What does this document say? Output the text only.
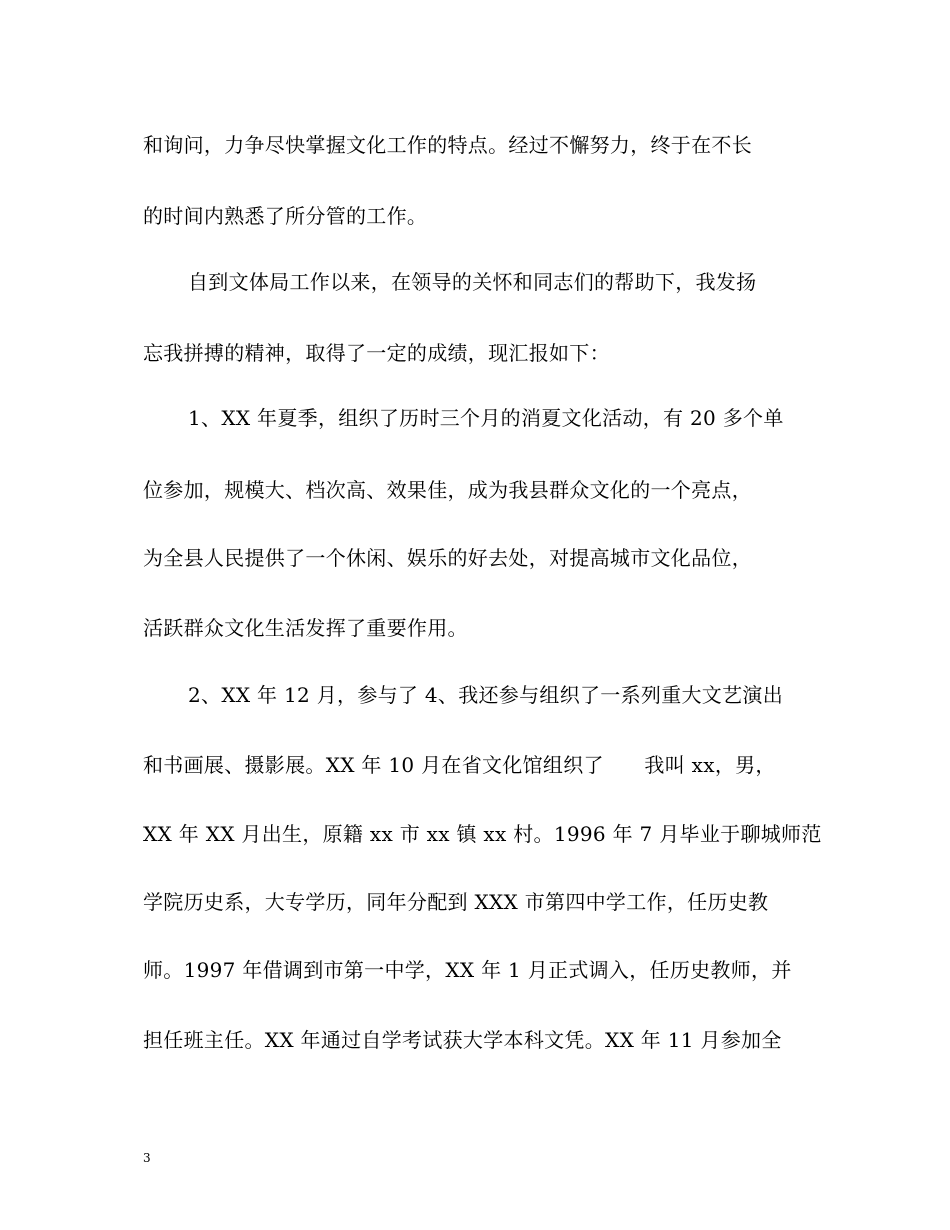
和询问，力争尽快掌握文化工作的特点。经过不懈努力，终于在不长
的时间内熟悉了所分管的工作。
自到文体局工作以来，在领导的关怀和同志们的帮助下，我发扬
忘我拼搏的精神，取得了一定的成绩，现汇报如下：
1、XX 年夏季，组织了历时三个月的消夏文化活动，有 20 多个单
位参加，规模大、档次高、效果佳，成为我县群众文化的一个亮点，
为全县人民提供了一个休闲、娱乐的好去处，对提高城市文化品位，
活跃群众文化生活发挥了重要作用。
2、XX 年 12 月，参与了 4、我还参与组织了一系列重大文艺演出
和书画展、摄影展。XX 年 10 月在省文化馆组织了　　我叫 xx，男，
XX 年 XX 月出生，原籍 xx 市 xx 镇 xx 村。1996 年 7 月毕业于聊城师范
学院历史系，大专学历，同年分配到 XXX 市第四中学工作，任历史教
师。1997 年借调到市第一中学，XX 年 1 月正式调入，任历史教师，并
担任班主任。XX 年通过自学考试获大学本科文凭。XX 年 11 月参加全
3
